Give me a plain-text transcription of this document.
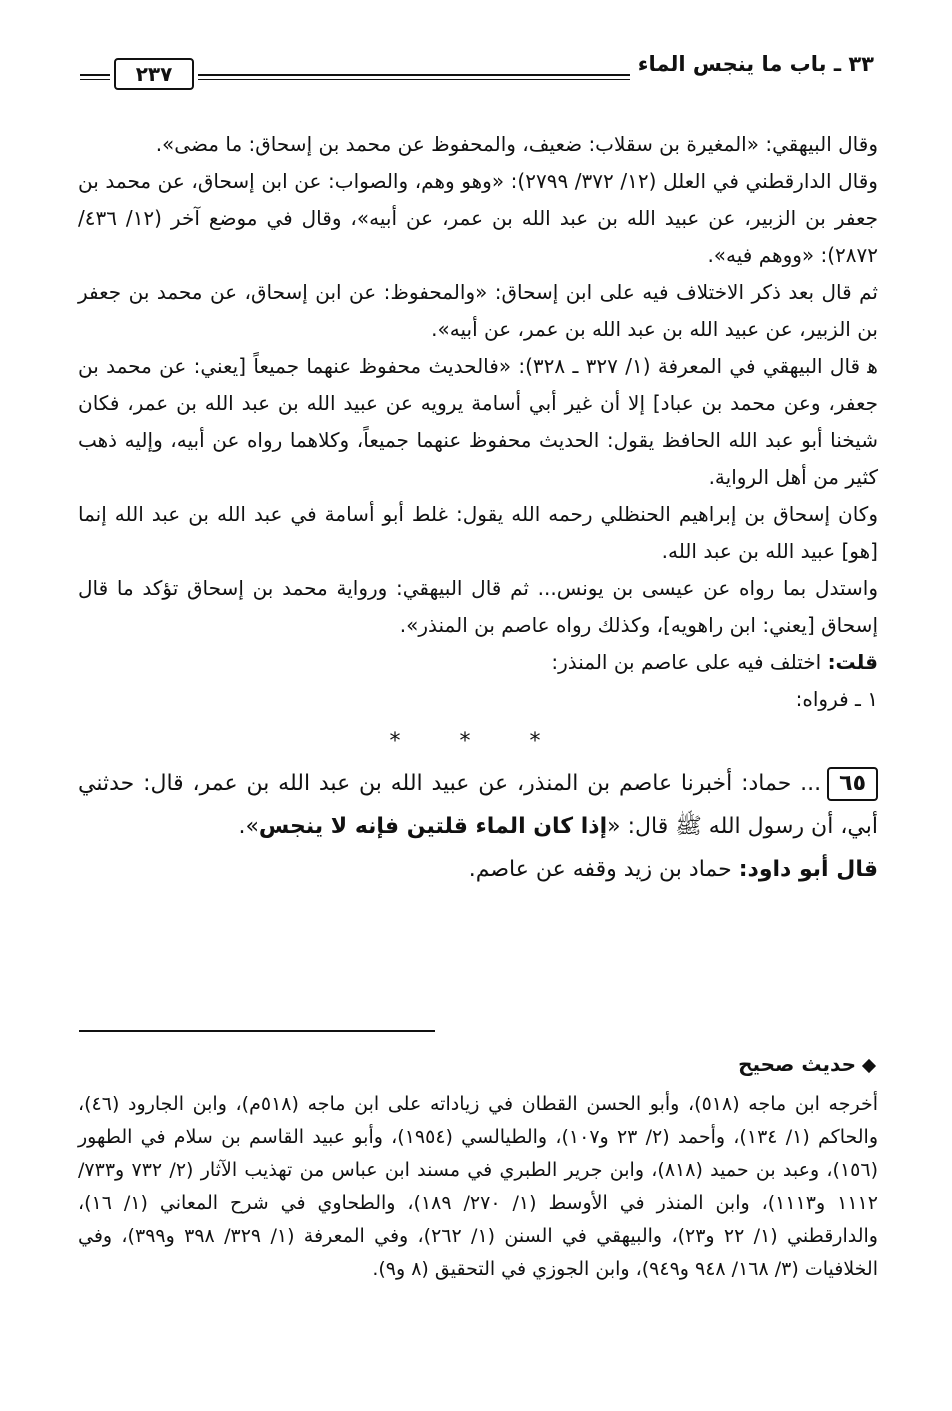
٣٣ ـ باب ما ينجس الماء
٢٣٧

وقال البيهقي: «المغيرة بن سقلاب: ضعيف، والمحفوظ عن محمد بن إسحاق: ما مضى».

وقال الدارقطني في العلل (١٢/ ٣٧٢/ ٢٧٩٩): «وهو وهم، والصواب: عن ابن إسحاق، عن محمد بن جعفر بن الزبير، عن عبيد الله بن عبد الله بن عمر، عن أبيه»، وقال في موضع آخر (١٢/ ٤٣٦/ ٢٨٧٢): «ووهم فيه».

ثم قال بعد ذكر الاختلاف فيه على ابن إسحاق: «والمحفوظ: عن ابن إسحاق، عن محمد بن جعفر بن الزبير، عن عبيد الله بن عبد الله بن عمر، عن أبيه».

ﻫ قال البيهقي في المعرفة (١/ ٣٢٧ ـ ٣٢٨): «فالحديث محفوظ عنهما جميعاً [يعني: عن محمد بن جعفر، وعن محمد بن عباد] إلا أن غير أبي أسامة يرويه عن عبيد الله بن عبد الله بن عمر، فكان شيخنا أبو عبد الله الحافظ يقول: الحديث محفوظ عنهما جميعاً، وكلاهما رواه عن أبيه، وإليه ذهب كثير من أهل الرواية.

وكان إسحاق بن إبراهيم الحنظلي رحمه الله يقول: غلط أبو أسامة في عبد الله بن عبد الله إنما [هو] عبيد الله بن عبد الله.

واستدل بما رواه عن عيسى بن يونس... ثم قال البيهقي: ورواية محمد بن إسحاق تؤكد ما قال إسحاق [يعني: ابن راهويه]، وكذلك رواه عاصم بن المنذر».

قلت: اختلف فيه على عاصم بن المنذر:

١ ـ فرواه:

* * *

٦٥... حماد: أخبرنا عاصم بن المنذر، عن عبيد الله بن عبد الله بن عمر، قال: حدثني أبي، أن رسول الله ﷺ قال: «إذا كان الماء قلتين فإنه لا ينجس».

قال أبو داود: حماد بن زيد وقفه عن عاصم.

حديث صحيح
أخرجه ابن ماجه (٥١٨)، وأبو الحسن القطان في زياداته على ابن ماجه (٥١٨م)، وابن الجارود (٤٦)، والحاكم (١/ ١٣٤)، وأحمد (٢/ ٢٣ و١٠٧)، والطيالسي (١٩٥٤)، وأبو عبيد القاسم بن سلام في الطهور (١٥٦)، وعبد بن حميد (٨١٨)، وابن جرير الطبري في مسند ابن عباس من تهذيب الآثار (٢/ ٧٣٢ و٧٣٣/ ١١١٢ و١١١٣)، وابن المنذر في الأوسط (١/ ٢٧٠/ ١٨٩)، والطحاوي في شرح المعاني (١/ ١٦)، والدارقطني (١/ ٢٢ و٢٣)، والبيهقي في السنن (١/ ٢٦٢)، وفي المعرفة (١/ ٣٢٩/ ٣٩٨ و٣٩٩)، وفي الخلافيات (٣/ ١٦٨/ ٩٤٨ و٩٤٩)، وابن الجوزي في التحقيق (٨ و٩).
